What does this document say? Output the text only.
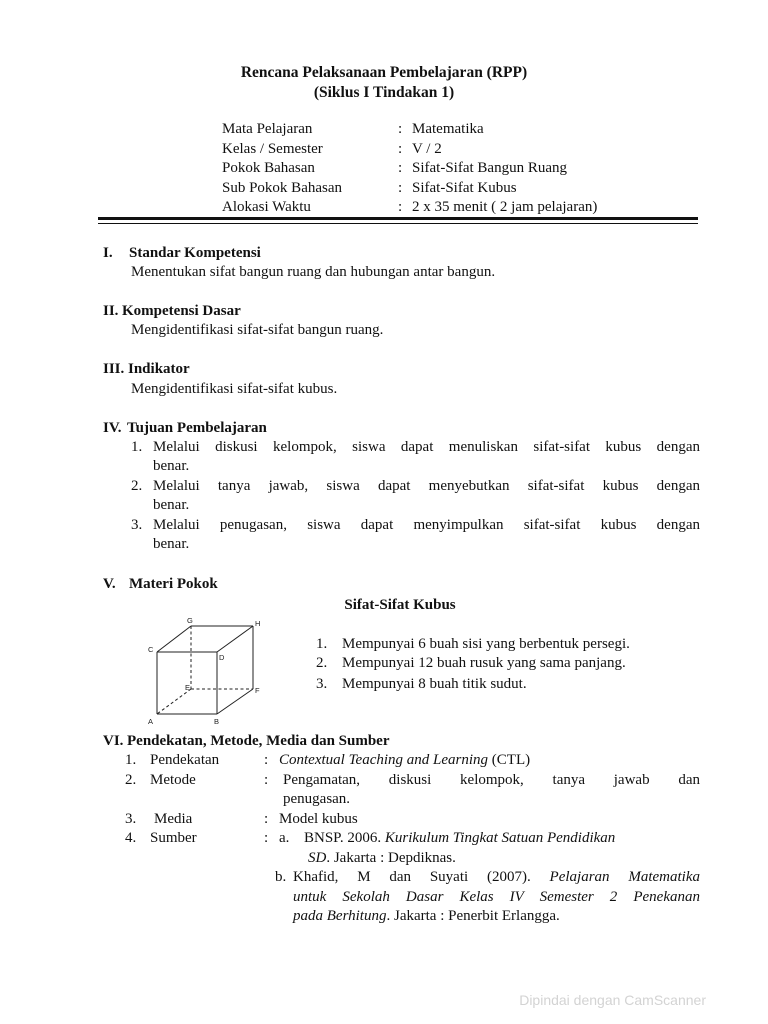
Rencana Pelaksanaan Pembelajaran (RPP)
(Siklus I Tindakan 1)
Mata Pelajaran	: Matematika
Kelas / Semester	: V / 2
Pokok Bahasan	: Sifat-Sifat Bangun Ruang
Sub Pokok Bahasan	: Sifat-Sifat Kubus
Alokasi Waktu	: 2 x 35 menit ( 2 jam pelajaran)
I. Standar Kompetensi
Menentukan sifat bangun ruang dan hubungan antar bangun.
II. Kompetensi Dasar
Mengidentifikasi sifat-sifat bangun ruang.
III. Indikator
Mengidentifikasi sifat-sifat kubus.
IV. Tujuan Pembelajaran
1. Melalui diskusi kelompok, siswa dapat menuliskan sifat-sifat kubus dengan
benar.
2. Melalui tanya jawab, siswa dapat menyebutkan sifat-sifat kubus dengan
benar.
3. Melalui penugasan, siswa dapat menyimpulkan sifat-sifat kubus dengan
benar.
V. Materi Pokok
Sifat-Sifat Kubus
A	B
C
D
E	F
G	H
1. Mempunyai 6 buah sisi yang berbentuk persegi.
2. Mempunyai 12 buah rusuk yang sama panjang.
3. Mempunyai 8 buah titik sudut.
VI. Pendekatan, Metode, Media dan Sumber
1. Pendekatan	: Contextual Teaching and Learning (CTL)
2. Metode	: Pengamatan, diskusi kelompok, tanya jawab dan
penugasan.
3. Media	: Model kubus
4. Sumber	: a. BNSP. 2006. Kurikulum Tingkat Satuan Pendidikan
SD. Jakarta : Depdiknas.
b. Khafid, M dan Suyati (2007). Pelajaran Matematika
untuk Sekolah Dasar Kelas IV Semester 2 Penekanan
pada Berhitung. Jakarta : Penerbit Erlangga.
Dipindai dengan CamScanner
